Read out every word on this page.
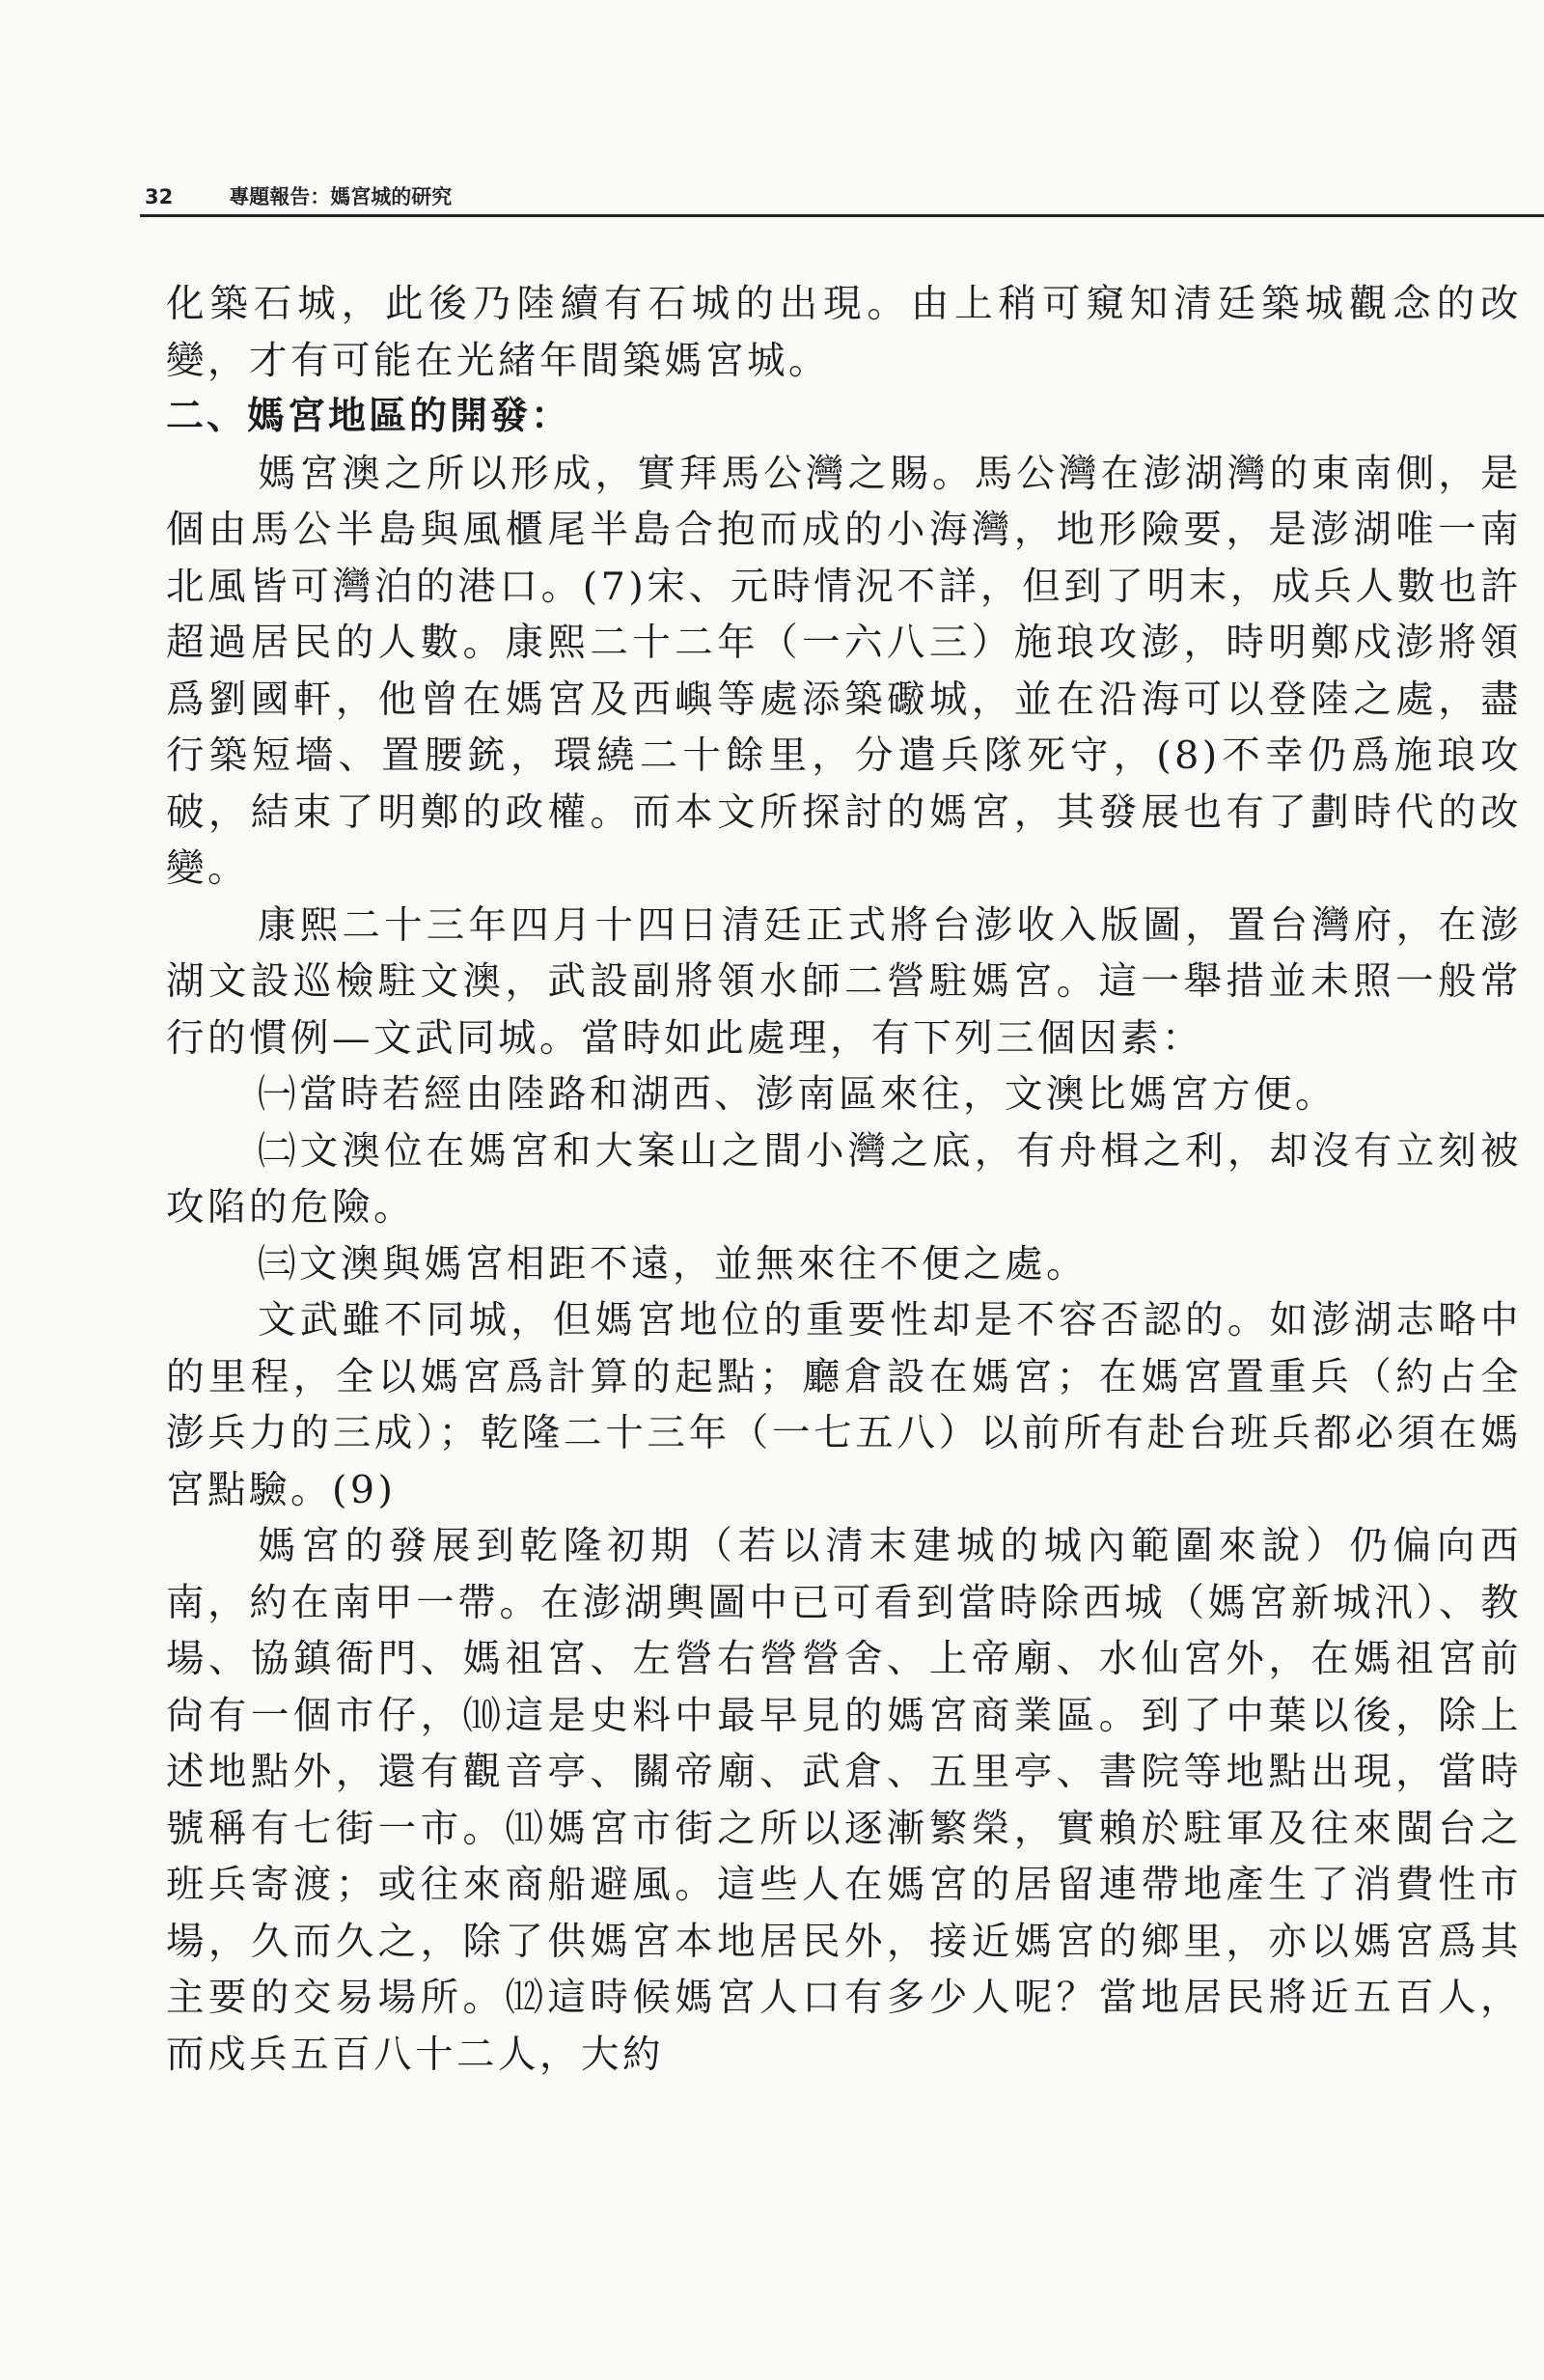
32	專題報告：媽宮城的研究

化築石城，此後乃陸續有石城的出現。由上稍可窺知清廷築城觀念的改變，才有可能在光緒年間築媽宮城。

二、媽宮地區的開發：

媽宮澳之所以形成，實拜馬公灣之賜。馬公灣在澎湖灣的東南側，是個由馬公半島與風櫃尾半島合抱而成的小海灣，地形險要，是澎湖唯一南北風皆可灣泊的港口。(7)宋、元時情況不詳，但到了明末，成兵人數也許超過居民的人數。康熙二十二年（一六八三）施琅攻澎，時明鄭戍澎將領爲劉國軒，他曾在媽宮及西嶼等處添築礮城，並在沿海可以登陸之處，盡行築短墻、置腰銃，環繞二十餘里，分遣兵隊死守，(8)不幸仍爲施琅攻破，結束了明鄭的政權。而本文所探討的媽宮，其發展也有了劃時代的改變。

康熙二十三年四月十四日清廷正式將台澎收入版圖，置台灣府，在澎湖文設巡檢駐文澳，武設副將領水師二營駐媽宮。這一舉措並未照一般常行的慣例—文武同城。當時如此處理，有下列三個因素：

㈠當時若經由陸路和湖西、澎南區來往，文澳比媽宮方便。

㈡文澳位在媽宮和大案山之間小灣之底，有舟楫之利，却沒有立刻被攻陷的危險。

㈢文澳與媽宮相距不遠，並無來往不便之處。

文武雖不同城，但媽宮地位的重要性却是不容否認的。如澎湖志略中的里程，全以媽宮爲計算的起點；廳倉設在媽宮；在媽宮置重兵（約占全澎兵力的三成）；乾隆二十三年（一七五八）以前所有赴台班兵都必須在媽宮點驗。(9)

媽宮的發展到乾隆初期（若以清末建城的城內範圍來說）仍偏向西南，約在南甲一帶。在澎湖輿圖中已可看到當時除西城（媽宮新城汛）、教場、協鎮衙門、媽祖宮、左營右營營舍、上帝廟、水仙宮外，在媽祖宮前尙有一個市仔，⑽這是史料中最早見的媽宮商業區。到了中葉以後，除上述地點外，還有觀音亭、關帝廟、武倉、五里亭、書院等地點出現，當時號稱有七街一市。⑾媽宮市街之所以逐漸繁榮，實賴於駐軍及往來閩台之班兵寄渡；或往來商船避風。這些人在媽宮的居留連帶地產生了消費性市場，久而久之，除了供媽宮本地居民外，接近媽宮的鄉里，亦以媽宮爲其主要的交易場所。⑿這時候媽宮人口有多少人呢？當地居民將近五百人，而戍兵五百八十二人，大約
